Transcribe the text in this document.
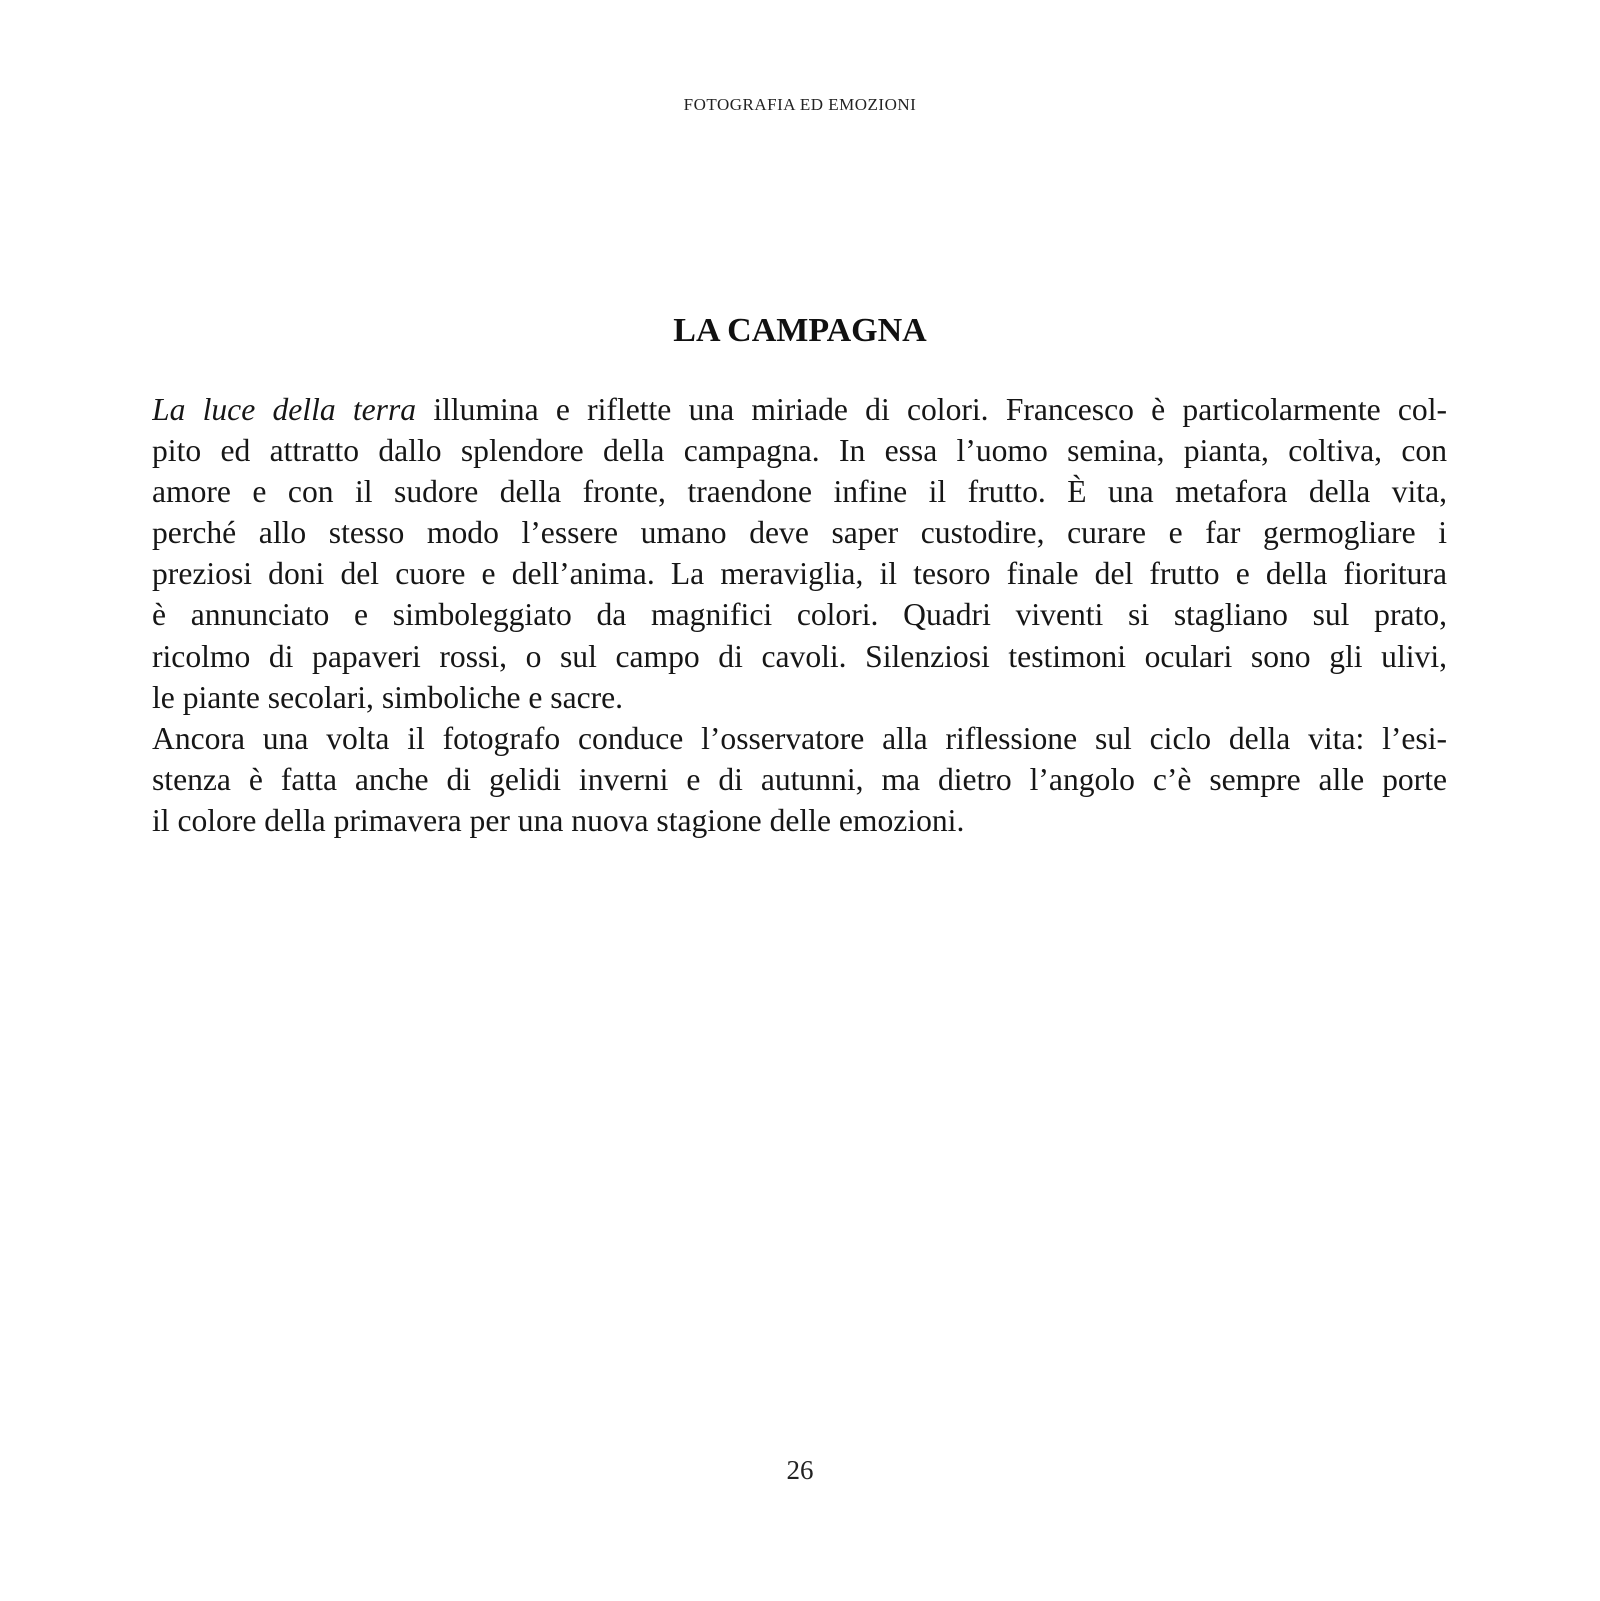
FOTOGRAFIA ED EMOZIONI
LA CAMPAGNA
La luce della terra illumina e riflette una miriade di colori. Francesco è particolarmente col-
pito ed attratto dallo splendore della campagna. In essa l’uomo semina, pianta, coltiva, con
amore e con il sudore della fronte, traendone infine il frutto. È una metafora della vita,
perché allo stesso modo l’essere umano deve saper custodire, curare e far germogliare i
preziosi doni del cuore e dell’anima. La meraviglia, il tesoro finale del frutto e della fioritura
è annunciato e simboleggiato da magnifici colori. Quadri viventi si stagliano sul prato,
ricolmo di papaveri rossi, o sul campo di cavoli. Silenziosi testimoni oculari sono gli ulivi,
le piante secolari, simboliche e sacre.
Ancora una volta il fotografo conduce l’osservatore alla riflessione sul ciclo della vita: l’esi-
stenza è fatta anche di gelidi inverni e di autunni, ma dietro l’angolo c’è sempre alle porte
il colore della primavera per una nuova stagione delle emozioni.
26
